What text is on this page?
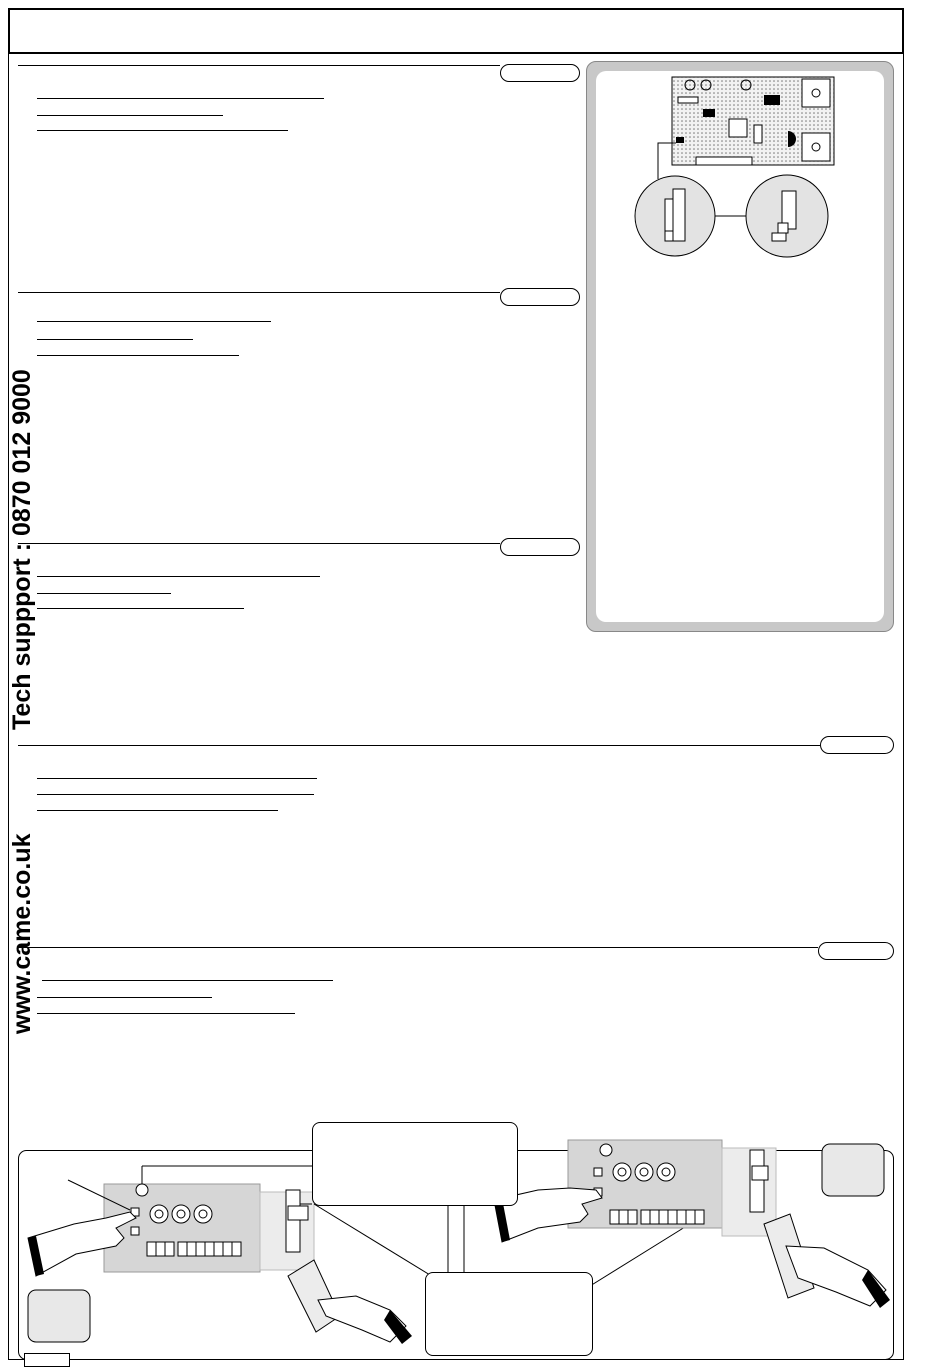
www.came.co.uk
Tech suppport : 0870 012 9000
